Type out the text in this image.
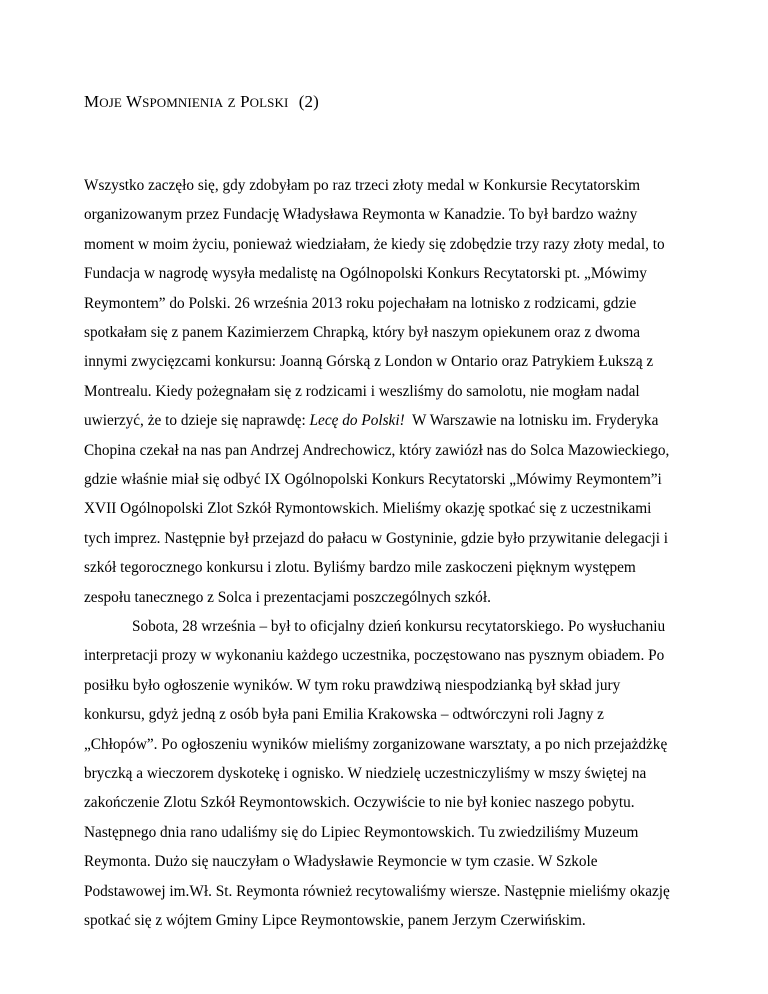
MOJE WSPOMNIENIA Z POLSKI (2)
Wszystko zaczęło się, gdy zdobyłam po raz trzeci złoty medal w Konkursie Recytatorskim
organizowanym przez Fundację Władysława Reymonta w Kanadzie. To był bardzo ważny
moment w moim życiu, ponieważ wiedziałam, że kiedy się zdobędzie trzy razy złoty medal, to
Fundacja w nagrodę wysyła medalistę na Ogólnopolski Konkurs Recytatorski pt. „Mówimy
Reymontem” do Polski. 26 września 2013 roku pojechałam na lotnisko z rodzicami, gdzie
spotkałam się z panem Kazimierzem Chrapką, który był naszym opiekunem oraz z dwoma
innymi zwycięzcami konkursu: Joanną Górską z London w Ontario oraz Patrykiem Łukszą z
Montrealu. Kiedy pożegnałam się z rodzicami i weszliśmy do samolotu, nie mogłam nadal
uwierzyć, że to dzieje się naprawdę: Lecę do Polski!  W Warszawie na lotnisku im. Fryderyka
Chopina czekał na nas pan Andrzej Andrechowicz, który zawiózł nas do Solca Mazowieckiego,
gdzie właśnie miał się odbyć IX Ogólnopolski Konkurs Recytatorski „Mówimy Reymontem”i
XVII Ogólnopolski Zlot Szkół Rymontowskich. Mieliśmy okazję spotkać się z uczestnikami
tych imprez. Następnie był przejazd do pałacu w Gostyninie, gdzie było przywitanie delegacji i
szkół tegorocznego konkursu i zlotu. Byliśmy bardzo mile zaskoczeni pięknym występem
zespołu tanecznego z Solca i prezentacjami poszczególnych szkół.
Sobota, 28 września – był to oficjalny dzień konkursu recytatorskiego. Po wysłuchaniu
interpretacji prozy w wykonaniu każdego uczestnika, poczęstowano nas pysznym obiadem. Po
posiłku było ogłoszenie wyników. W tym roku prawdziwą niespodzianką był skład jury
konkursu, gdyż jedną z osób była pani Emilia Krakowska – odtwórczyni roli Jagny z
„Chłopów”. Po ogłoszeniu wyników mieliśmy zorganizowane warsztaty, a po nich przejażdżkę
bryczką a wieczorem dyskotekę i ognisko. W niedzielę uczestniczyliśmy w mszy świętej na
zakończenie Zlotu Szkół Reymontowskich. Oczywiście to nie był koniec naszego pobytu.
Następnego dnia rano udaliśmy się do Lipiec Reymontowskich. Tu zwiedziliśmy Muzeum
Reymonta. Dużo się nauczyłam o Władysławie Reymoncie w tym czasie. W Szkole
Podstawowej im.Wł. St. Reymonta również recytowaliśmy wiersze. Następnie mieliśmy okazję
spotkać się z wójtem Gminy Lipce Reymontowskie, panem Jerzym Czerwińskim.
